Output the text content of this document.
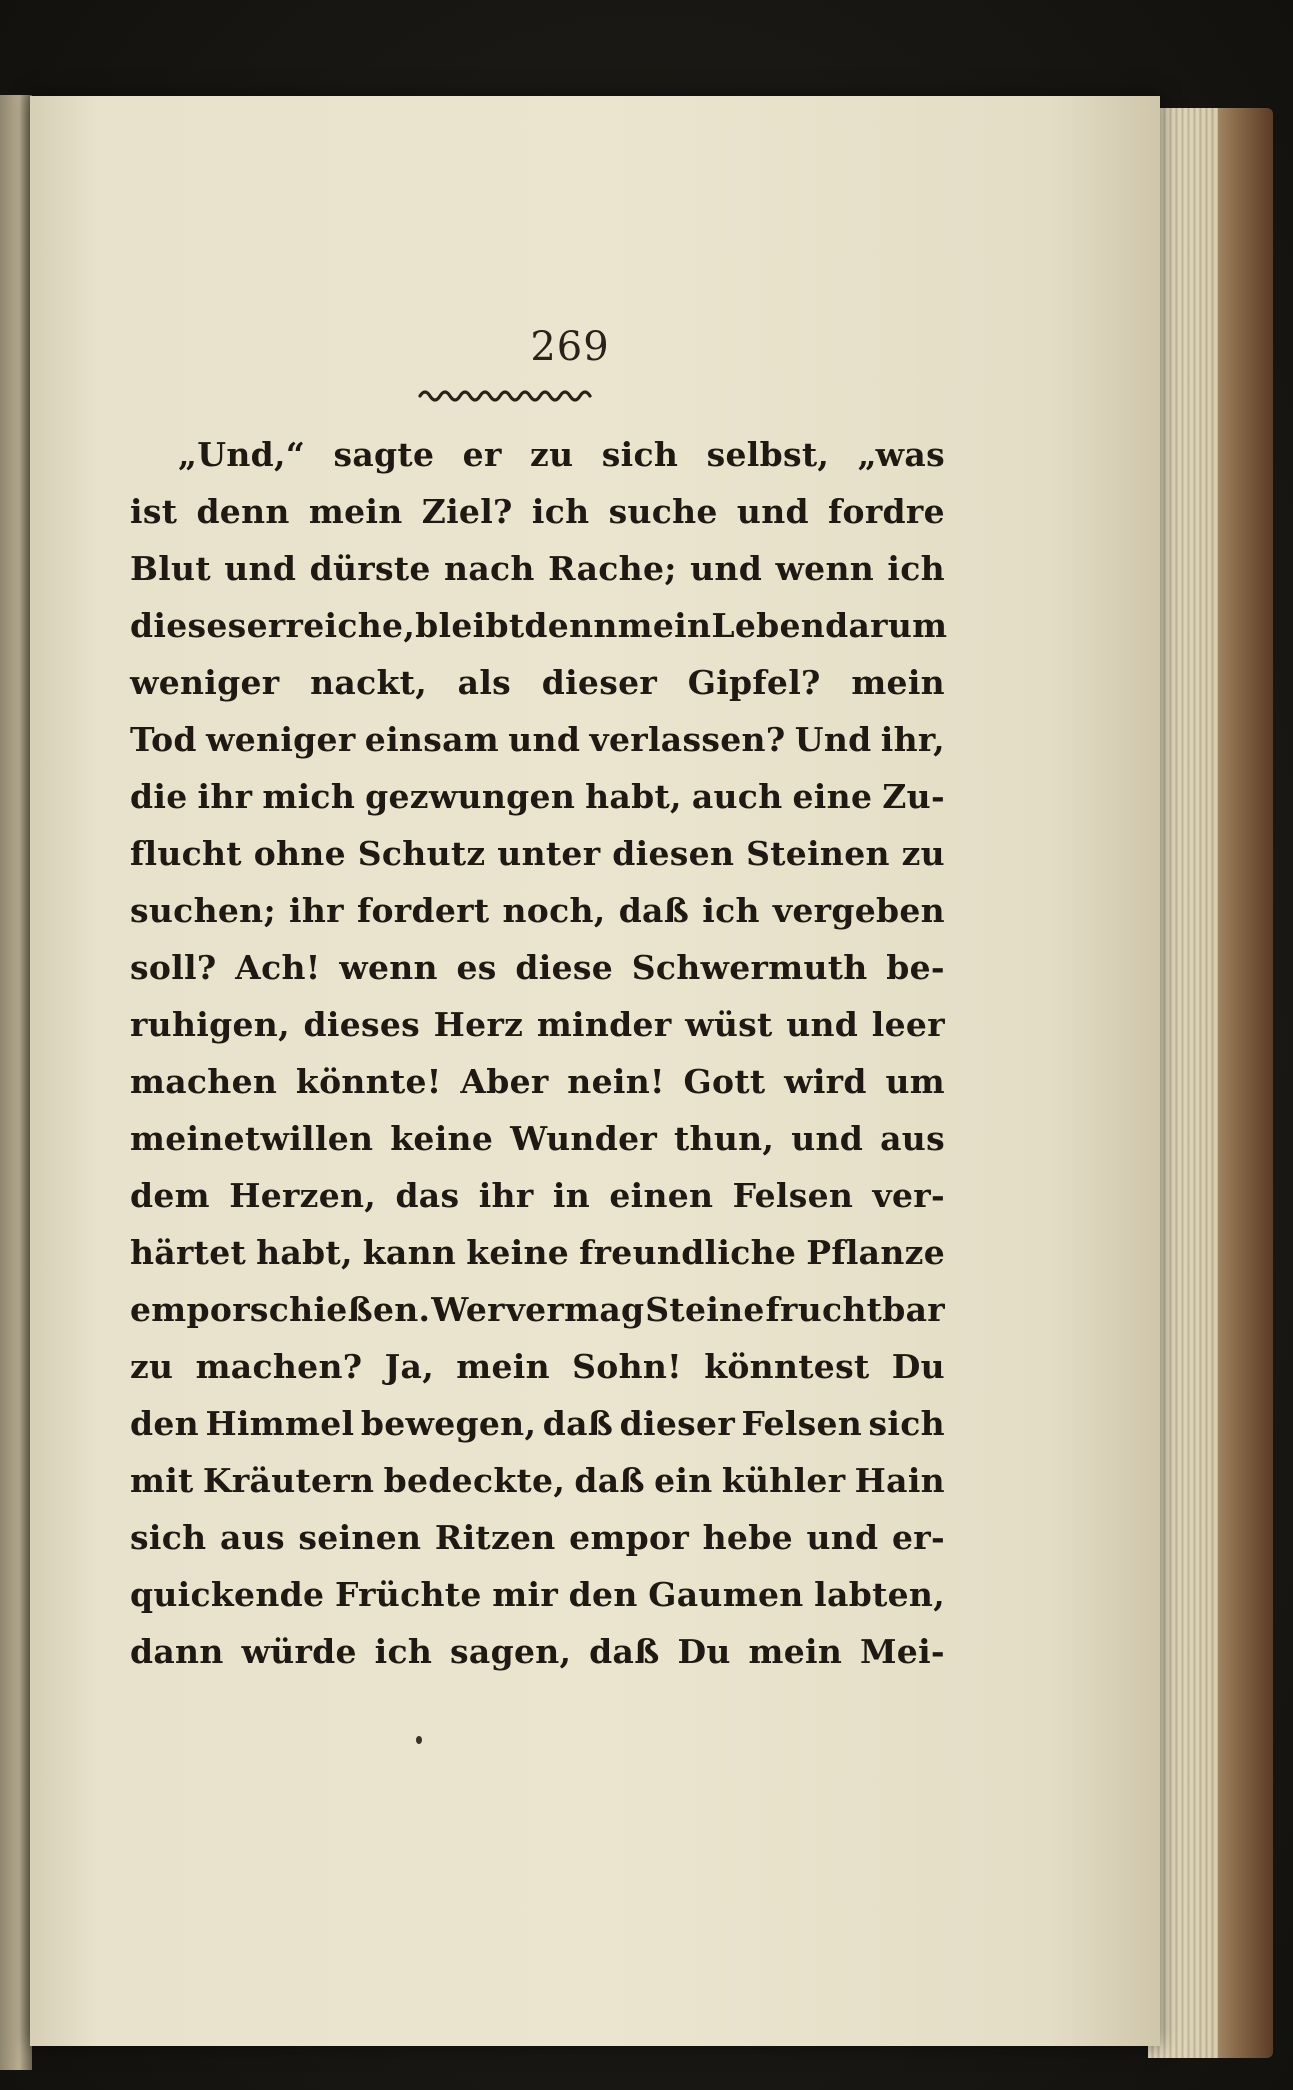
269
„Und,“ sagte er zu sich selbst, „was
ist denn mein Ziel? ich suche und fordre
Blut und dürste nach Rache; und wenn ich
dieses erreiche, bleibt denn mein Leben darum
weniger nackt, als dieser Gipfel? mein
Tod weniger einsam und verlassen? Und ihr,
die ihr mich gezwungen habt, auch eine Zu-
flucht ohne Schutz unter diesen Steinen zu
suchen; ihr fordert noch, daß ich vergeben
soll? Ach! wenn es diese Schwermuth be-
ruhigen, dieses Herz minder wüst und leer
machen könnte! Aber nein! Gott wird um
meinetwillen keine Wunder thun, und aus
dem Herzen, das ihr in einen Felsen ver-
härtet habt, kann keine freundliche Pflanze
emporschießen. Wer vermag Steine fruchtbar
zu machen? Ja, mein Sohn! könntest Du
den Himmel bewegen, daß dieser Felsen sich
mit Kräutern bedeckte, daß ein kühler Hain
sich aus seinen Ritzen empor hebe und er-
quickende Früchte mir den Gaumen labten,
dann würde ich sagen, daß Du mein Mei-
